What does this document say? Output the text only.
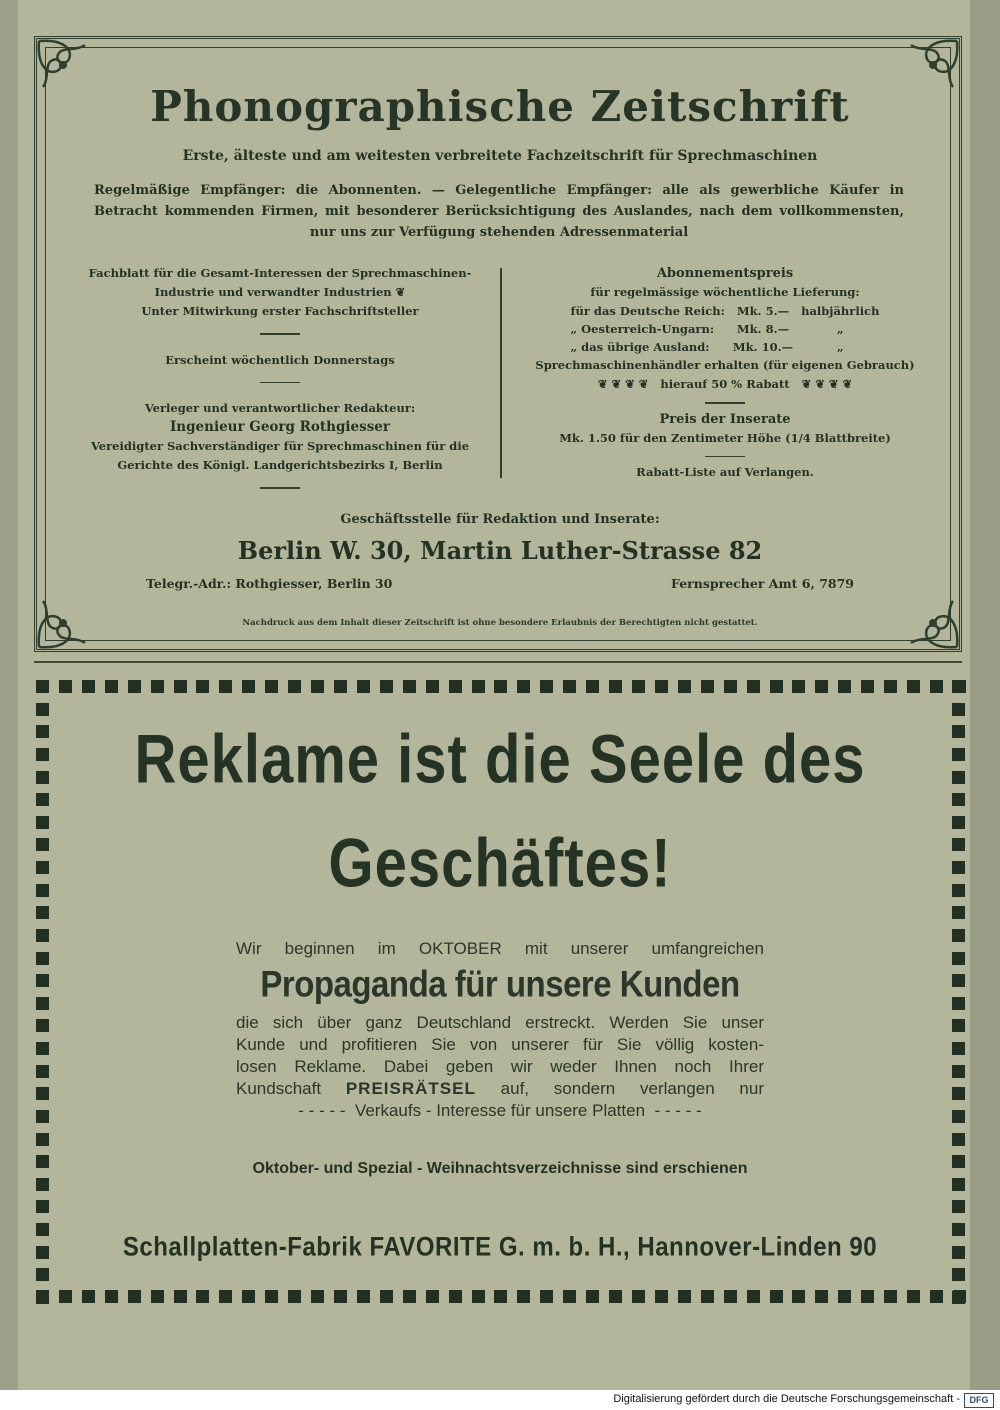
Phonographische Zeitschrift
Erste, älteste und am weitesten verbreitete Fachzeitschrift für Sprechmaschinen
Regelmäßige Empfänger: die Abonnenten. — Gelegentliche Empfänger: alle als gewerbliche Käufer in Betracht kommenden Firmen, mit besonderer Berücksichtigung des Auslandes, nach dem vollkommensten, nur uns zur Verfügung stehenden Adressenmaterial
Fachblatt für die Gesamt-Interessen der Sprechmaschinen-Industrie und verwandter Industrien ❦
Unter Mitwirkung erster Fachschriftsteller
Erscheint wöchentlich Donnerstags
Verleger und verantwortlicher Redakteur:
Ingenieur Georg Rothgiesser
Vereidigter Sachverständiger für Sprechmaschinen für die Gerichte des Königl. Landgerichtsbezirks I, Berlin
Abonnementspreis
für regelmässige wöchentliche Lieferung:
für das Deutsche Reich:	Mk. 5.—	halbjährlich
„ Oesterreich-Ungarn:	Mk. 8.—	„
„ das übrige Ausland:	Mk. 10.—	„
Sprechmaschinenhändler erhalten (für eigenen Gebrauch)
❦ ❦ ❦ ❦   hierauf 50 % Rabatt   ❦ ❦ ❦ ❦
Preis der Inserate
Mk. 1.50 für den Zentimeter Höhe (1/4 Blattbreite)
Rabatt-Liste auf Verlangen.
Geschäftsstelle für Redaktion und Inserate:
Berlin W. 30, Martin Luther-Strasse 82
Telegr.-Adr.: Rothgiesser, Berlin 30	Fernsprecher Amt 6, 7879
Nachdruck aus dem Inhalt dieser Zeitschrift ist ohne besondere Erlaubnis der Berechtigten nicht gestattet.
Reklame ist die Seele des
Geschäftes!
Wir beginnen im OKTOBER mit unserer umfangreichen
Propaganda für unsere Kunden
die sich über ganz Deutschland erstreckt. Werden Sie unser
Kunde und profitieren Sie von unserer für Sie völlig kosten-
losen Reklame. Dabei geben wir weder Ihnen noch Ihrer
Kundschaft PREISRÄTSEL auf, sondern verlangen nur
- - - - -  Verkaufs - Interesse für unsere Platten  - - - - -
Oktober- und Spezial - Weihnachtsverzeichnisse sind erschienen
Schallplatten-Fabrik FAVORITE G. m. b. H., Hannover-Linden 90
Digitalisierung gefördert durch die Deutsche Forschungsgemeinschaft -	DFG
